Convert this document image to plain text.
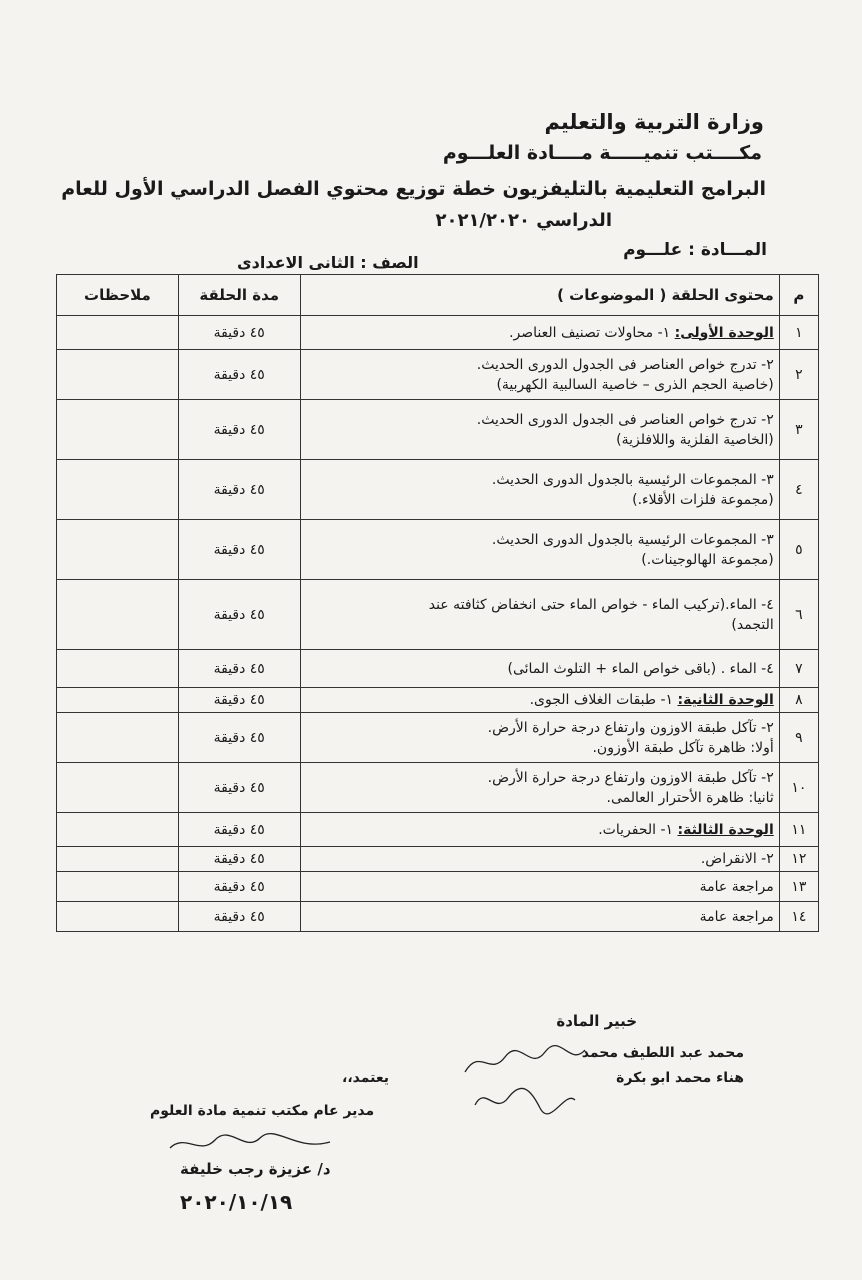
وزارة التربية والتعليم
مكــــتب تنميـــــة مــــادة العلـــوم
البرامج التعليمية بالتليفزيون خطة توزيع محتوي الفصل الدراسي الأول للعام
الدراسي ٢٠٢١/٢٠٢٠
المـــادة : علـــوم
الصف : الثانى الاعدادى
م	محتوى الحلقة ( الموضوعات )	مدة الحلقة	ملاحظات
١	الوحدة الأولى: ١- محاولات تصنيف العناصر.	٤٥ دقيقة	
٢	٢- تدرج خواص العناصر فى الجدول الدورى الحديث.
(خاصية الحجم الذرى – خاصية السالبية الكهربية)	٤٥ دقيقة	
٣	٢- تدرج خواص العناصر فى الجدول الدورى الحديث.
(الخاصية الفلزية واللافلزية)	٤٥ دقيقة	
٤	٣- المجموعات الرئيسية بالجدول الدورى الحديث.
(مجموعة فلزات الأقلاء.)	٤٥ دقيقة	
٥	٣- المجموعات الرئيسية بالجدول الدورى الحديث.
(مجموعة الهالوجينات.)	٤٥ دقيقة	
٦	٤- الماء.(تركيب الماء - خواص الماء حتى انخفاض كثافته عند
التجمد)	٤٥ دقيقة	
٧	٤- الماء . (باقى خواص الماء + التلوث المائى)	٤٥ دقيقة	
٨	الوحدة الثانية: ١- طبقات الغلاف الجوى.	٤٥ دقيقة	
٩	٢- تآكل طبقة الاوزون وارتفاع درجة حرارة الأرض.
أولا: ظاهرة تآكل طبقة الأوزون.	٤٥ دقيقة	
١٠	٢- تآكل طبقة الاوزون وارتفاع درجة حرارة الأرض.
ثانيا: ظاهرة الأحترار العالمى.	٤٥ دقيقة	
١١	الوحدة الثالثة: ١- الحفريات.	٤٥ دقيقة	
١٢	٢- الانقراض.	٤٥ دقيقة	
١٣	مراجعة عامة	٤٥ دقيقة	
١٤	مراجعة عامة	٤٥ دقيقة	
خبير المادة
محمد عبد اللطيف محمد
هناء محمد ابو بكرة
يعتمد،،
مدير عام مكتب تنمية مادة العلوم
د/ عزيزة رجب خليفة
٢٠٢٠/١٠/١٩
